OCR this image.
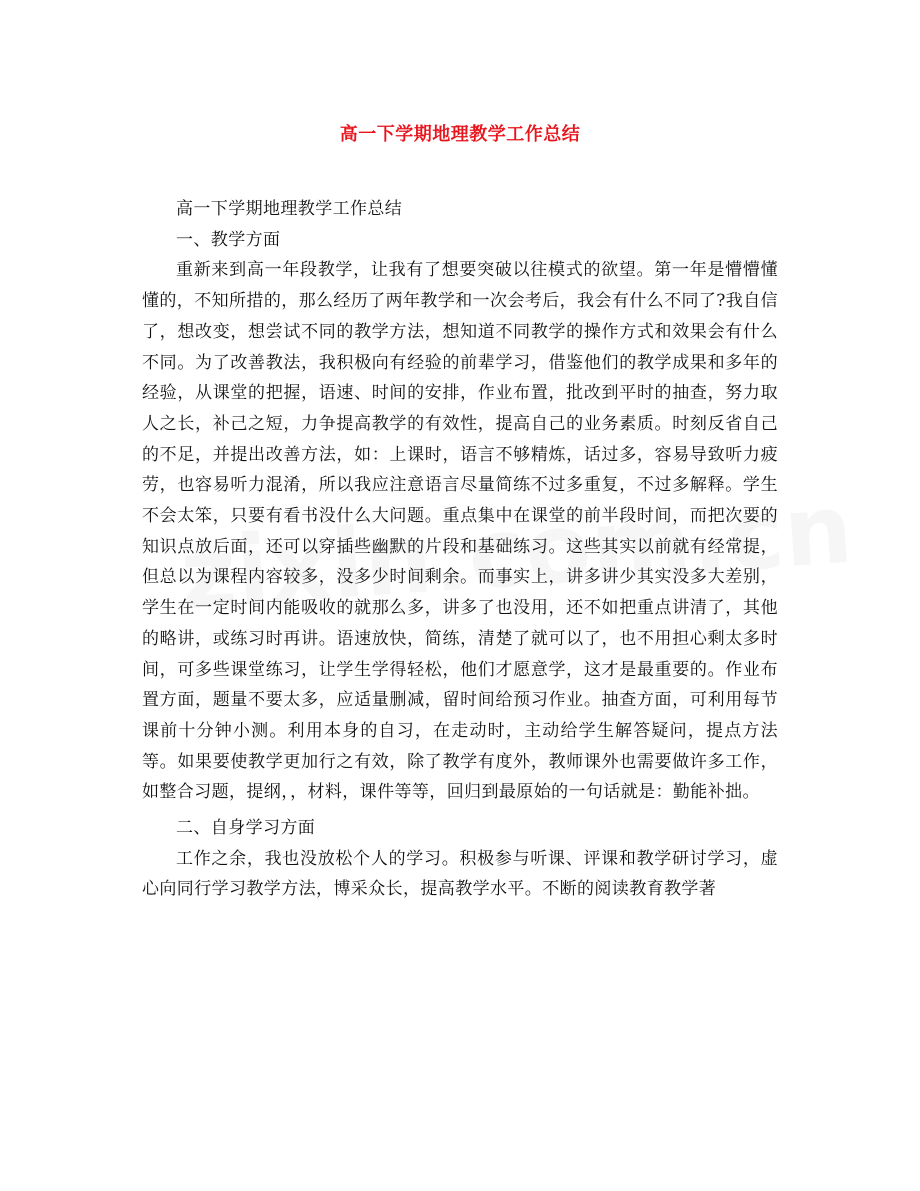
高一下学期地理教学工作总结

高一下学期地理教学工作总结

一、教学方面

重新来到高一年段教学，让我有了想要突破以往模式的欲望。第一年是懵懵懂懂的，不知所措的，那么经历了两年教学和一次会考后，我会有什么不同了?我自信了，想改变，想尝试不同的教学方法，想知道不同教学的操作方式和效果会有什么不同。为了改善教法，我积极向有经验的前辈学习，借鉴他们的教学成果和多年的经验，从课堂的把握，语速、时间的安排，作业布置，批改到平时的抽查，努力取人之长，补己之短，力争提高教学的有效性，提高自己的业务素质。时刻反省自己的不足，并提出改善方法，如：上课时，语言不够精炼，话过多，容易导致听力疲劳，也容易听力混淆，所以我应注意语言尽量简练不过多重复，不过多解释。学生不会太笨，只要有看书没什么大问题。重点集中在课堂的前半段时间，而把次要的知识点放后面，还可以穿插些幽默的片段和基础练习。这些其实以前就有经常提，但总以为课程内容较多，没多少时间剩余。而事实上，讲多讲少其实没多大差别，学生在一定时间内能吸收的就那么多，讲多了也没用，还不如把重点讲清了，其他的略讲，或练习时再讲。语速放快，简练，清楚了就可以了，也不用担心剩太多时间，可多些课堂练习，让学生学得轻松，他们才愿意学，这才是最重要的。作业布置方面，题量不要太多，应适量删减，留时间给预习作业。抽查方面，可利用每节课前十分钟小测。利用本身的自习，在走动时，主动给学生解答疑问，提点方法等。如果要使教学更加行之有效，除了教学有度外，教师课外也需要做许多工作，如整合习题，提纲，，材料，课件等等，回归到最原始的一句话就是：勤能补拙。

二、自身学习方面

工作之余，我也没放松个人的学习。积极参与听课、评课和教学研讨学习，虚心向同行学习教学方法，博采众长，提高教学水平。不断的阅读教育教学著
